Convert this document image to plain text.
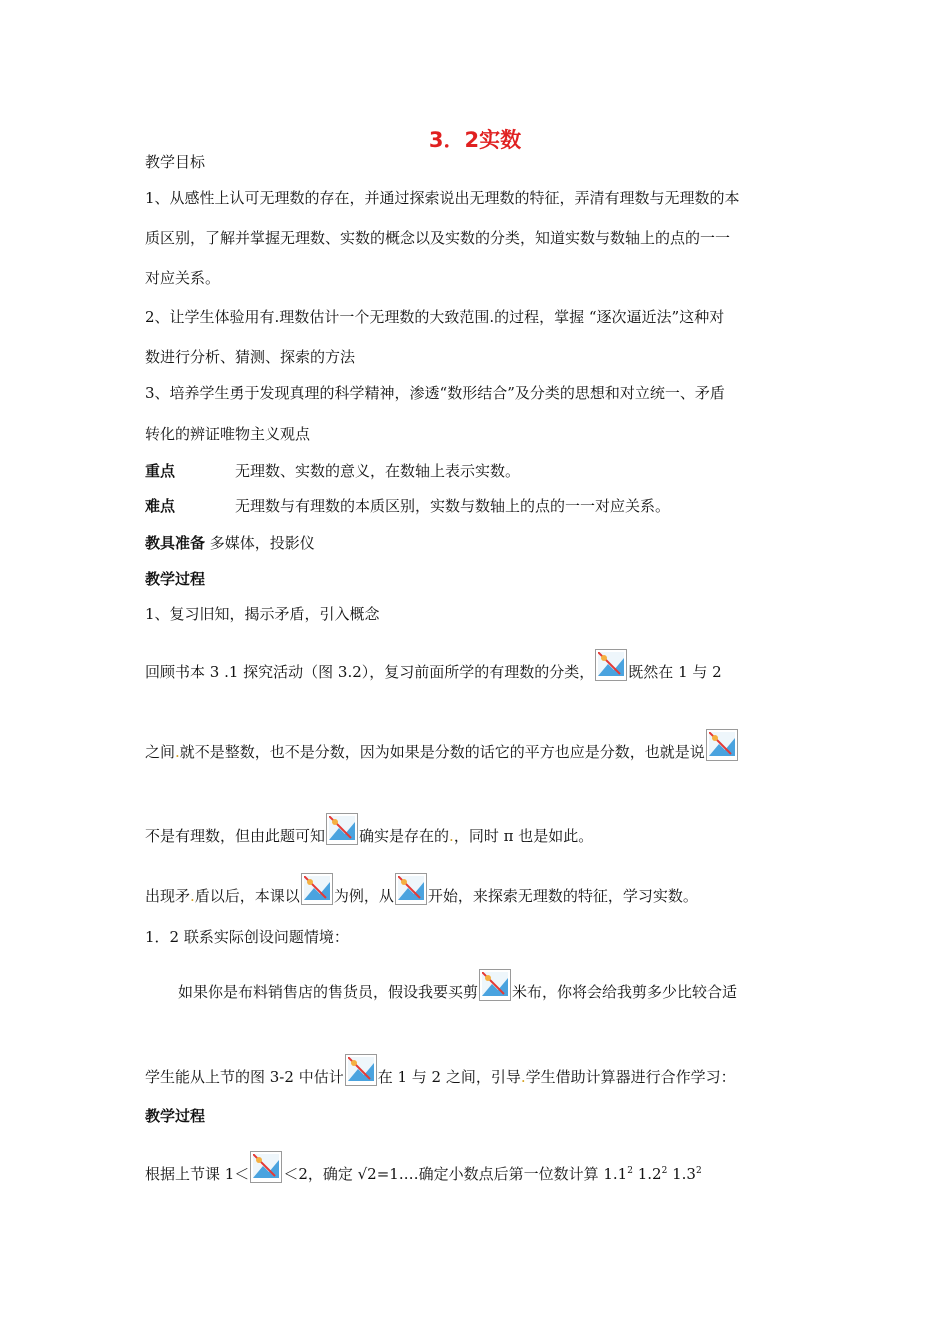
3．2实数
教学目标
1、从感性上认可无理数的存在，并通过探索说出无理数的特征，弄清有理数与无理数的本
质区别，了解并掌握无理数、实数的概念以及实数的分类，知道实数与数轴上的点的一一
对应关系。
2、让学生体验用有.理数估计一个无理数的大致范围.的过程，掌握 “逐次逼近法”这种对
数进行分析、猜测、探索的方法
3、培养学生勇于发现真理的科学精神，渗透“数形结合”及分类的思想和对立统一、矛盾
转化的辨证唯物主义观点
重点	无理数、实数的意义，在数轴上表示实数。
难点	无理数与有理数的本质区别，实数与数轴上的点的一一对应关系。
教具准备 多媒体，投影仪
教学过程
1、复习旧知，揭示矛盾，引入概念
回顾书本 3 .1 探究活动（图 3.2），复习前面所学的有理数的分类， 既然在 1 与 2
之间.就不是整数，也不是分数，因为如果是分数的话它的平方也应是分数，也就是说
不是有理数，但由此题可知 确实是存在的.，同时 π 也是如此。
出现矛.盾以后，本课以 为例，从 开始，来探索无理数的特征，学习实数。
1．2 联系实际创设问题情境：
如果你是布料销售店的售货员，假设我要买剪 米布，你将会给我剪多少比较合适
学生能从上节的图 3-2 中估计 在 1 与 2 之间，引导.学生借助计算器进行合作学习：
教学过程
根据上节课 1＜ ＜2，确定 √2=1.…确定小数点后第一位数计算 $1.1^2$ $1.2^2$ $1.3^2$
